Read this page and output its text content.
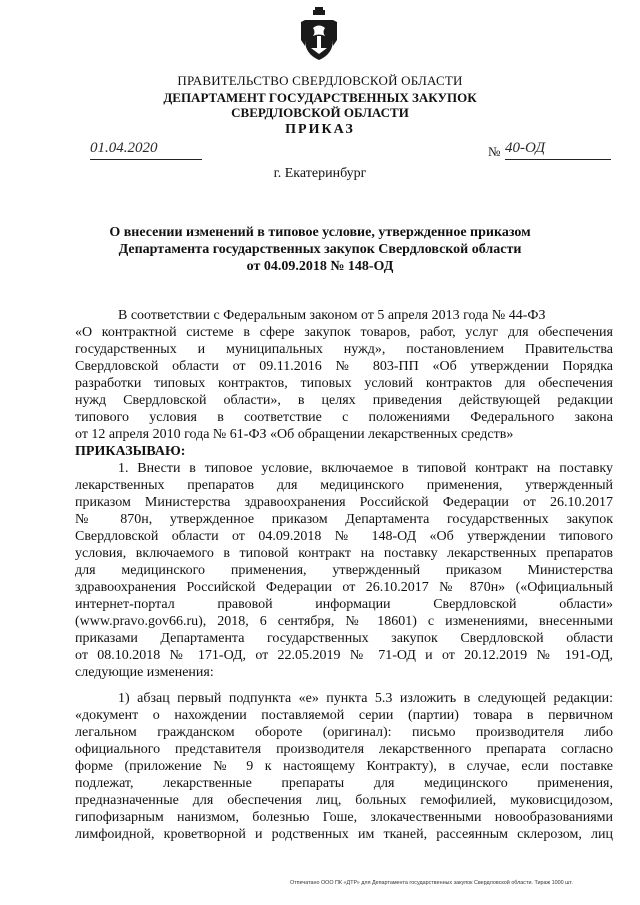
ПРАВИТЕЛЬСТВО СВЕРДЛОВСКОЙ ОБЛАСТИ
ДЕПАРТАМЕНТ ГОСУДАРСТВЕННЫХ ЗАКУПОК
СВЕРДЛОВСКОЙ ОБЛАСТИ
ПРИКАЗ
01.04.2020	№ 40-ОД
г. Екатеринбург
О внесении изменений в типовое условие, утвержденное приказом
Департамента государственных закупок Свердловской области
от 04.09.2018 № 148-ОД
В соответствии с Федеральным законом от 5 апреля 2013 года № 44-ФЗ
«О контрактной системе в сфере закупок товаров, работ, услуг для обеспечения
государственных и муниципальных нужд», постановлением Правительства
Свердловской области от 09.11.2016 № 803-ПП «Об утверждении Порядка
разработки типовых контрактов, типовых условий контрактов для обеспечения
нужд Свердловской области», в целях приведения действующей редакции
типового условия в соответствие с положениями Федерального закона
от 12 апреля 2010 года № 61-ФЗ «Об обращении лекарственных средств»
ПРИКАЗЫВАЮ:
1. Внести в типовое условие, включаемое в типовой контракт на поставку
лекарственных препаратов для медицинского применения, утвержденный
приказом Министерства здравоохранения Российской Федерации от 26.10.2017
№ 870н, утвержденное приказом Департамента государственных закупок
Свердловской области от 04.09.2018 № 148-ОД «Об утверждении типового
условия, включаемого в типовой контракт на поставку лекарственных препаратов
для медицинского применения, утвержденный приказом Министерства
здравоохранения Российской Федерации от 26.10.2017 № 870н» («Официальный
интернет-портал правовой информации Свердловской области»
(www.pravo.gov66.ru), 2018, 6 сентября, № 18601) с изменениями, внесенными
приказами Департамента государственных закупок Свердловской области
от 08.10.2018 № 171-ОД, от 22.05.2019 № 71-ОД и от 20.12.2019 № 191-ОД,
следующие изменения:
1) абзац первый подпункта «е» пункта 5.3 изложить в следующей редакции:
«документ о нахождении поставляемой серии (партии) товара в первичном
легальном гражданском обороте (оригинал): письмо производителя либо
официального представителя производителя лекарственного препарата согласно
форме (приложение № 9 к настоящему Контракту), в случае, если поставке
подлежат, лекарственные препараты для медицинского применения,
предназначенные для обеспечения лиц, больных гемофилией, муковисцидозом,
гипофизарным нанизмом, болезнью Гоше, злокачественными новообразованиями
лимфоидной, кроветворной и родственных им тканей, рассеянным склерозом, лиц
Отпечатано ООО ПК «ДТР» для Департамента государственных закупок Свердловской области. Тираж 1000 шт.
